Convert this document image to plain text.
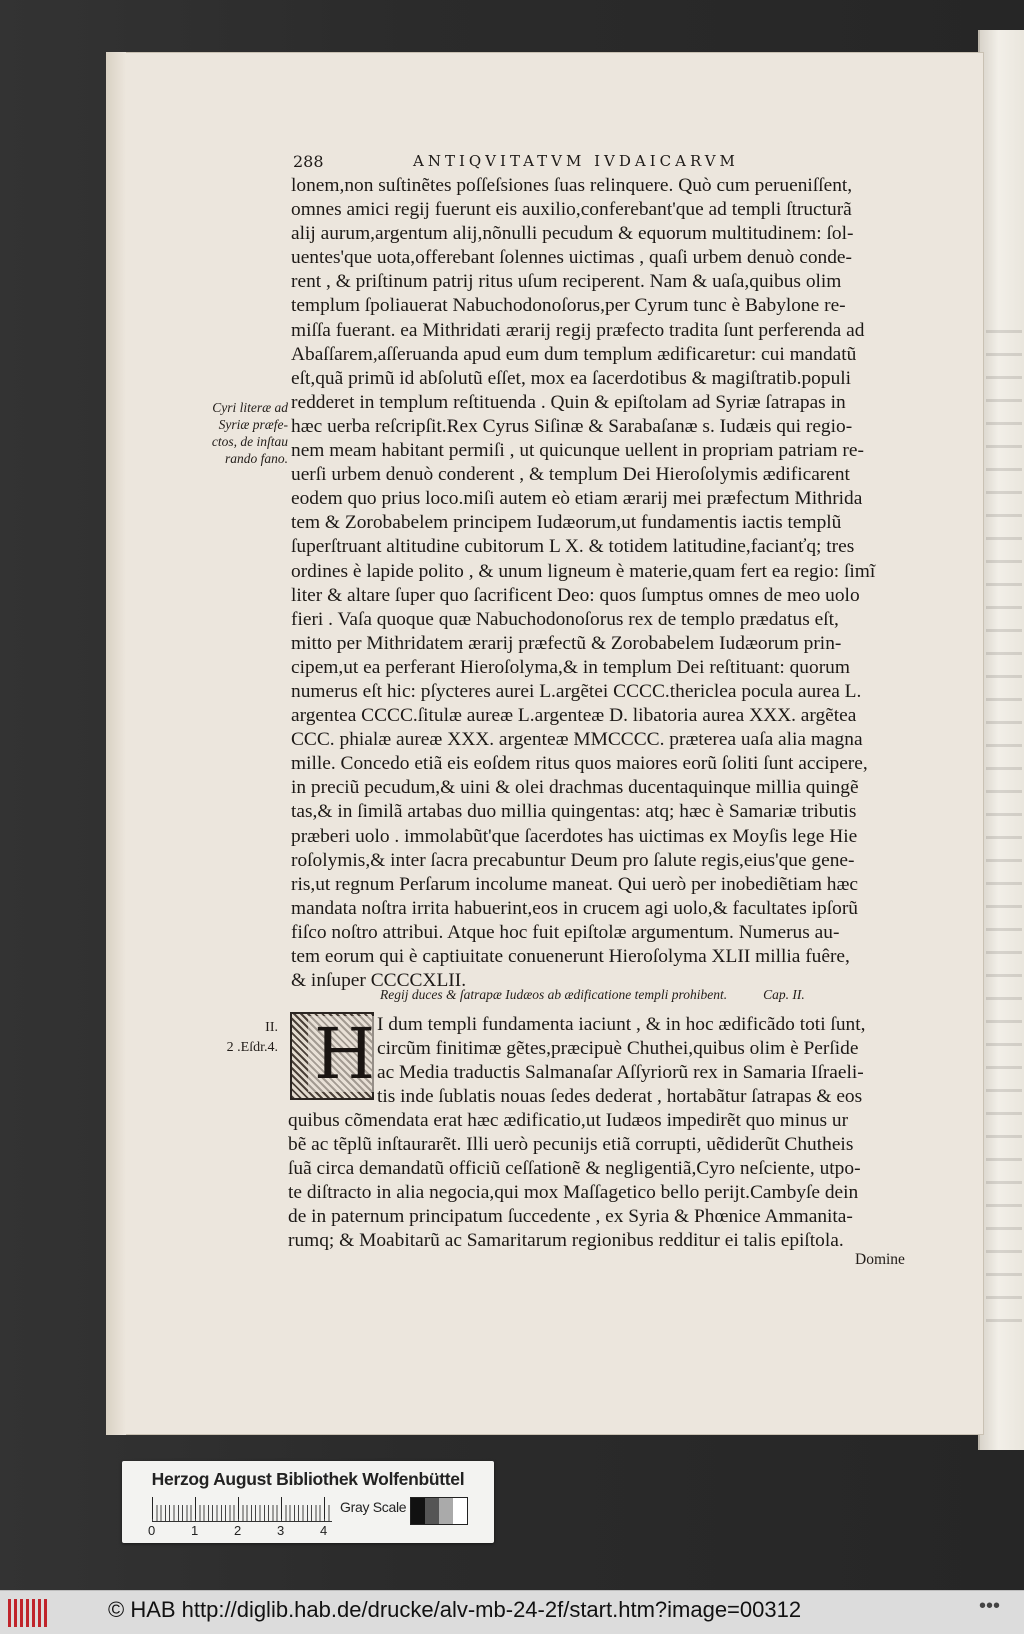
288	ANTIQVITATVM IVDAICARVM
Cyri literæ ad
Syriæ præfe-
ctos, de inſtau
rando fano.
lonem,non suſtinẽtes poſſeſsiones ſuas relinquere. Quò cum perueniſſent,
omnes amici regij fuerunt eis auxilio,conferebant'que ad templi ſtructurã
alij aurum,argentum alij,nõnulli pecudum & equorum multitudinem: ſol-
uentes'que uota,offerebant ſolennes uictimas , quaſi urbem denuò conde-
rent , & priſtinum patrij ritus uſum reciperent. Nam & uaſa,quibus olim
templum ſpoliauerat Nabuchodonoſorus,per Cyrum tunc è Babylone re-
miſſa fuerant. ea Mithridati ærarij regij præfecto tradita ſunt perferenda ad
Abaſſarem,aſſeruanda apud eum dum templum ædificaretur: cui mandatũ
eſt,quã primũ id abſolutũ eſſet, mox ea ſacerdotibus & magiſtratib.populi
redderet in templum reſtituenda . Quin & epiſtolam ad Syriæ ſatrapas in
hæc uerba reſcripſit.Rex Cyrus Siſinæ & Sarabaſanæ s. Iudæis qui regio-
nem meam habitant permiſi , ut quicunque uellent in propriam patriam re-
uerſi urbem denuò conderent , & templum Dei Hieroſolymis ædificarent
eodem quo prius loco.miſi autem eò etiam ærarij mei præfectum Mithrida
tem & Zorobabelem principem Iudæorum,ut fundamentis iactis templũ
ſuperſtruant altitudine cubitorum L X. & totidem latitudine,facianťq; tres
ordines è lapide polito , & unum ligneum è materie,quam fert ea regio: ſimĩ
liter & altare ſuper quo ſacrificent Deo: quos ſumptus omnes de meo uolo
fieri . Vaſa quoque quæ Nabuchodonoſorus rex de templo prædatus eſt,
mitto per Mithridatem ærarij præfectũ & Zorobabelem Iudæorum prin-
cipem,ut ea perferant Hieroſolyma,& in templum Dei reſtituant: quorum
numerus eſt hic: pſycteres aurei L.argẽtei CCCC.thericlea pocula aurea L.
argentea CCCC.ſitulæ aureæ L.argenteæ D. libatoria aurea XXX. argẽtea
CCC. phialæ aureæ XXX. argenteæ MMCCCC. præterea uaſa alia magna
mille. Concedo etiã eis eoſdem ritus quos maiores eorũ ſoliti ſunt accipere,
in preciũ pecudum,& uini & olei drachmas ducentaquinque millia quingẽ
tas,& in ſimilã artabas duo millia quingentas: atq; hæc è Samariæ tributis
præberi uolo . immolabũt'que ſacerdotes has uictimas ex Moyſis lege Hie
roſolymis,& inter ſacra precabuntur Deum pro ſalute regis,eius'que gene-
ris,ut regnum Perſarum incolume maneat. Qui uerò per inobediẽtiam hæc
mandata noſtra irrita habuerint,eos in crucem agi uolo,& facultates ipſorũ
fiſco noſtro attribui. Atque hoc fuit epiſtolæ argumentum. Numerus au-
tem eorum qui è captiuitate conuenerunt Hieroſolyma XLII millia fuêre,
& inſuper CCCCXLII.
Regij duces & ſatrapæ Iudæos ab ædificatione templi prohibent.	Cap. II.
II.
2 .Eſdr.4. H I dum templi fundamenta iaciunt , & in hoc ædificãdo toti ſunt,
circũm finitimæ gẽtes,præcipuè Chuthei,quibus olim è Perſide
ac Media traductis Salmanaſar Aſſyriorũ rex in Samaria Iſraeli-
tis inde ſublatis nouas ſedes dederat , hortabãtur ſatrapas & eos
quibus cõmendata erat hæc ædificatio,ut Iudæos impedirẽt quo minus ur
bẽ ac tẽplũ inſtaurarẽt. Illi uerò pecunijs etiã corrupti, uẽdiderũt Chutheis
ſuã circa demandatũ officiũ ceſſationẽ & negligentiã,Cyro neſciente, utpo-
te diſtracto in alia negocia,qui mox Maſſagetico bello perijt.Cambyſe dein
de in paternum principatum ſuccedente , ex Syria & Phœnice Ammanita-
rumq; & Moabitarũ ac Samaritarum regionibus redditur ei talis epiſtola.
Domine
Herzog August Bibliothek Wolfenbüttel
0	1	2	3	4
Gray Scale
© HAB http://diglib.hab.de/drucke/alv-mb-24-2f/start.htm?image=00312	•••
